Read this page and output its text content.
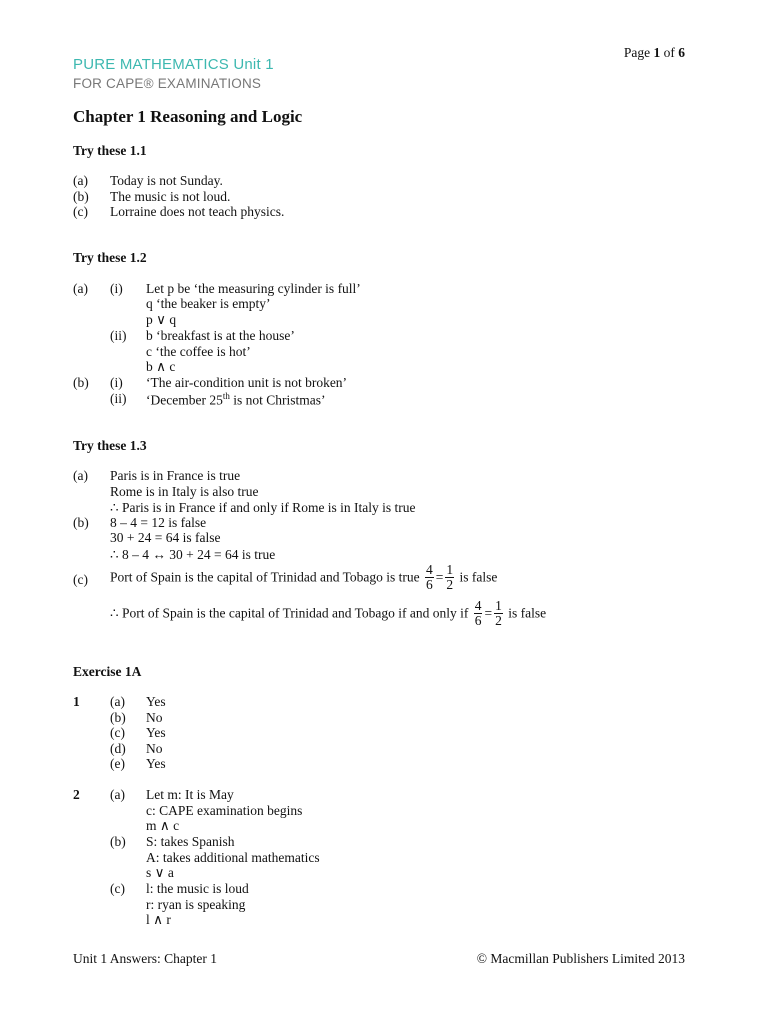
Page 1 of 6
PURE MATHEMATICS Unit 1
FOR CAPE® EXAMINATIONS
Chapter 1 Reasoning and Logic
Try these 1.1
(a) Today is not Sunday.
(b) The music is not loud.
(c) Lorraine does not teach physics.
Try these 1.2
(a) (i) Let p be ‘the measuring cylinder is full’
q ‘the beaker is empty’
p ∨ q
(ii) b ‘breakfast is at the house’
c ‘the coffee is hot’
b ∧ c
(b) (i) ‘The air-condition unit is not broken’
(ii) ‘December 25th is not Christmas’
Try these 1.3
(a) Paris is in France is true
Rome is in Italy is also true
∴ Paris is in France if and only if Rome is in Italy is true
(b) 8 – 4 = 12 is false
30 + 24 = 64 is false
∴ 8 – 4 ↔ 30 + 24 = 64 is true
(c) Port of Spain is the capital of Trinidad and Tobago is true $\frac{4}{6} = \frac{1}{2}$ is false
∴ Port of Spain is the capital of Trinidad and Tobago if and only if $\frac{4}{6} = \frac{1}{2}$ is false
Exercise 1A
1 (a) Yes
(b) No
(c) Yes
(d) No
(e) Yes
2 (a) Let m: It is May
c: CAPE examination begins
m ∧ c
(b) S: takes Spanish
A: takes additional mathematics
s ∨ a
(c) l: the music is loud
r: ryan is speaking
l ∧ r
Unit 1 Answers: Chapter 1	© Macmillan Publishers Limited 2013
